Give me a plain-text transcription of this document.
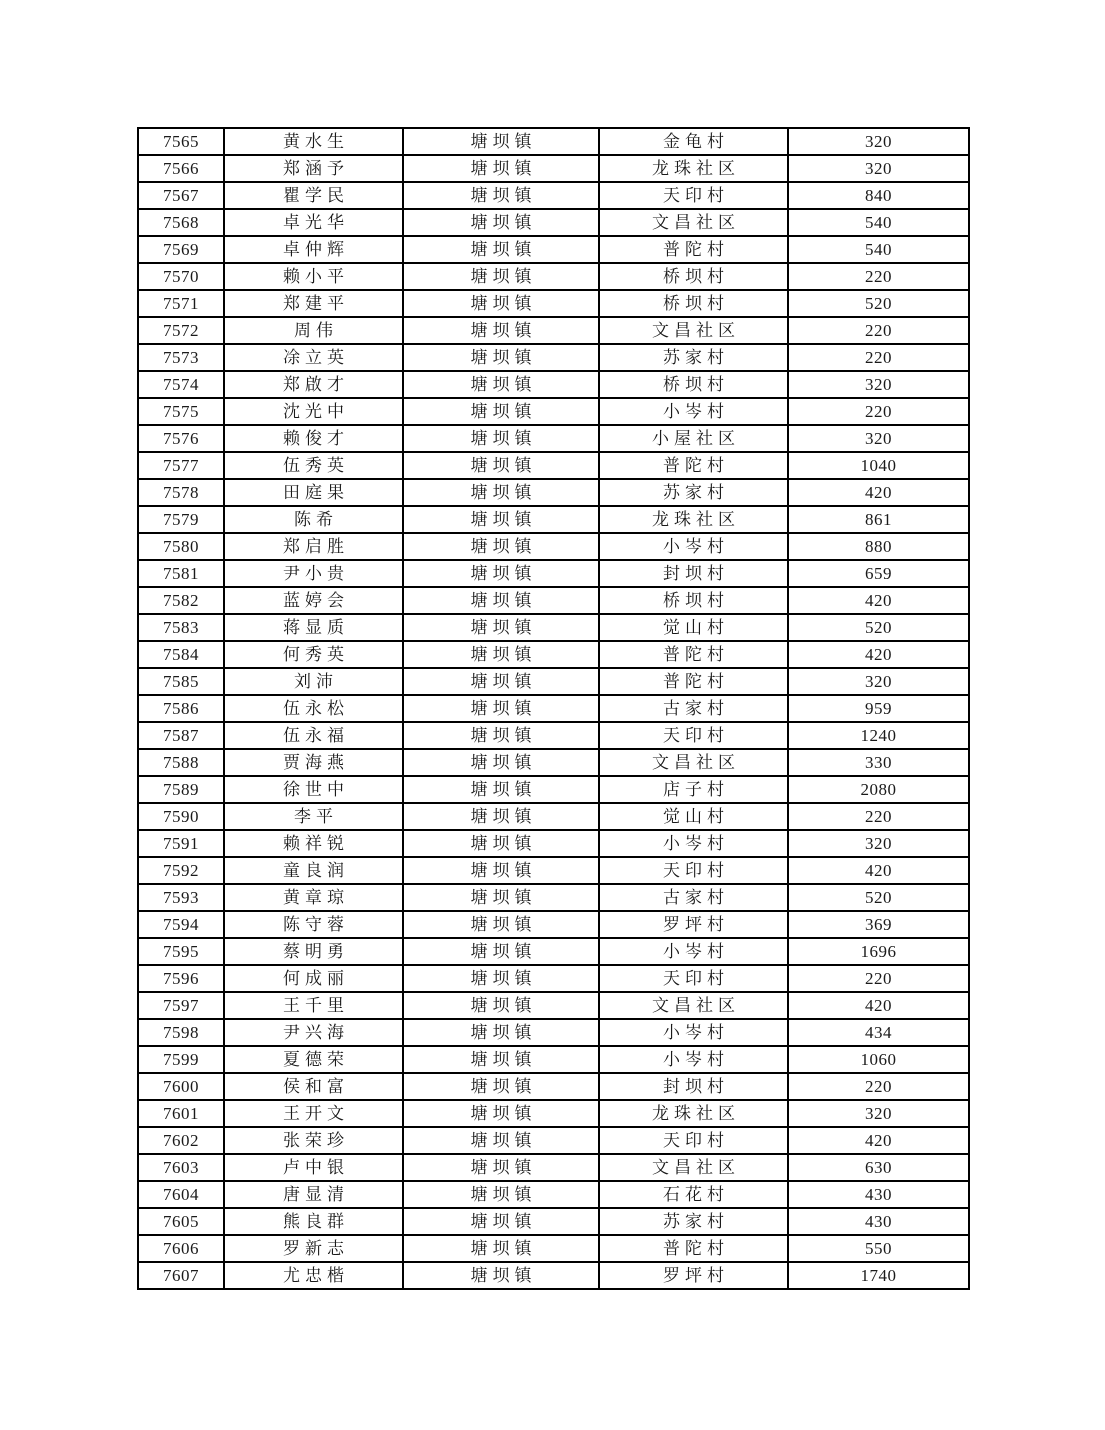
7565	黄水生	塘坝镇	金龟村	320
7566	郑涵予	塘坝镇	龙珠社区	320
7567	瞿学民	塘坝镇	天印村	840
7568	卓光华	塘坝镇	文昌社区	540
7569	卓仲辉	塘坝镇	普陀村	540
7570	赖小平	塘坝镇	桥坝村	220
7571	郑建平	塘坝镇	桥坝村	520
7572	周伟	塘坝镇	文昌社区	220
7573	凃立英	塘坝镇	苏家村	220
7574	郑啟才	塘坝镇	桥坝村	320
7575	沈光中	塘坝镇	小岑村	220
7576	赖俊才	塘坝镇	小屋社区	320
7577	伍秀英	塘坝镇	普陀村	1040
7578	田庭果	塘坝镇	苏家村	420
7579	陈希	塘坝镇	龙珠社区	861
7580	郑启胜	塘坝镇	小岑村	880
7581	尹小贵	塘坝镇	封坝村	659
7582	蓝婷会	塘坝镇	桥坝村	420
7583	蒋显质	塘坝镇	觉山村	520
7584	何秀英	塘坝镇	普陀村	420
7585	刘沛	塘坝镇	普陀村	320
7586	伍永松	塘坝镇	古家村	959
7587	伍永福	塘坝镇	天印村	1240
7588	贾海燕	塘坝镇	文昌社区	330
7589	徐世中	塘坝镇	店子村	2080
7590	李平	塘坝镇	觉山村	220
7591	赖祥锐	塘坝镇	小岑村	320
7592	童良润	塘坝镇	天印村	420
7593	黄章琼	塘坝镇	古家村	520
7594	陈守蓉	塘坝镇	罗坪村	369
7595	蔡明勇	塘坝镇	小岑村	1696
7596	何成丽	塘坝镇	天印村	220
7597	王千里	塘坝镇	文昌社区	420
7598	尹兴海	塘坝镇	小岑村	434
7599	夏德荣	塘坝镇	小岑村	1060
7600	侯和富	塘坝镇	封坝村	220
7601	王开文	塘坝镇	龙珠社区	320
7602	张荣珍	塘坝镇	天印村	420
7603	卢中银	塘坝镇	文昌社区	630
7604	唐显清	塘坝镇	石花村	430
7605	熊良群	塘坝镇	苏家村	430
7606	罗新志	塘坝镇	普陀村	550
7607	尤忠楷	塘坝镇	罗坪村	1740
